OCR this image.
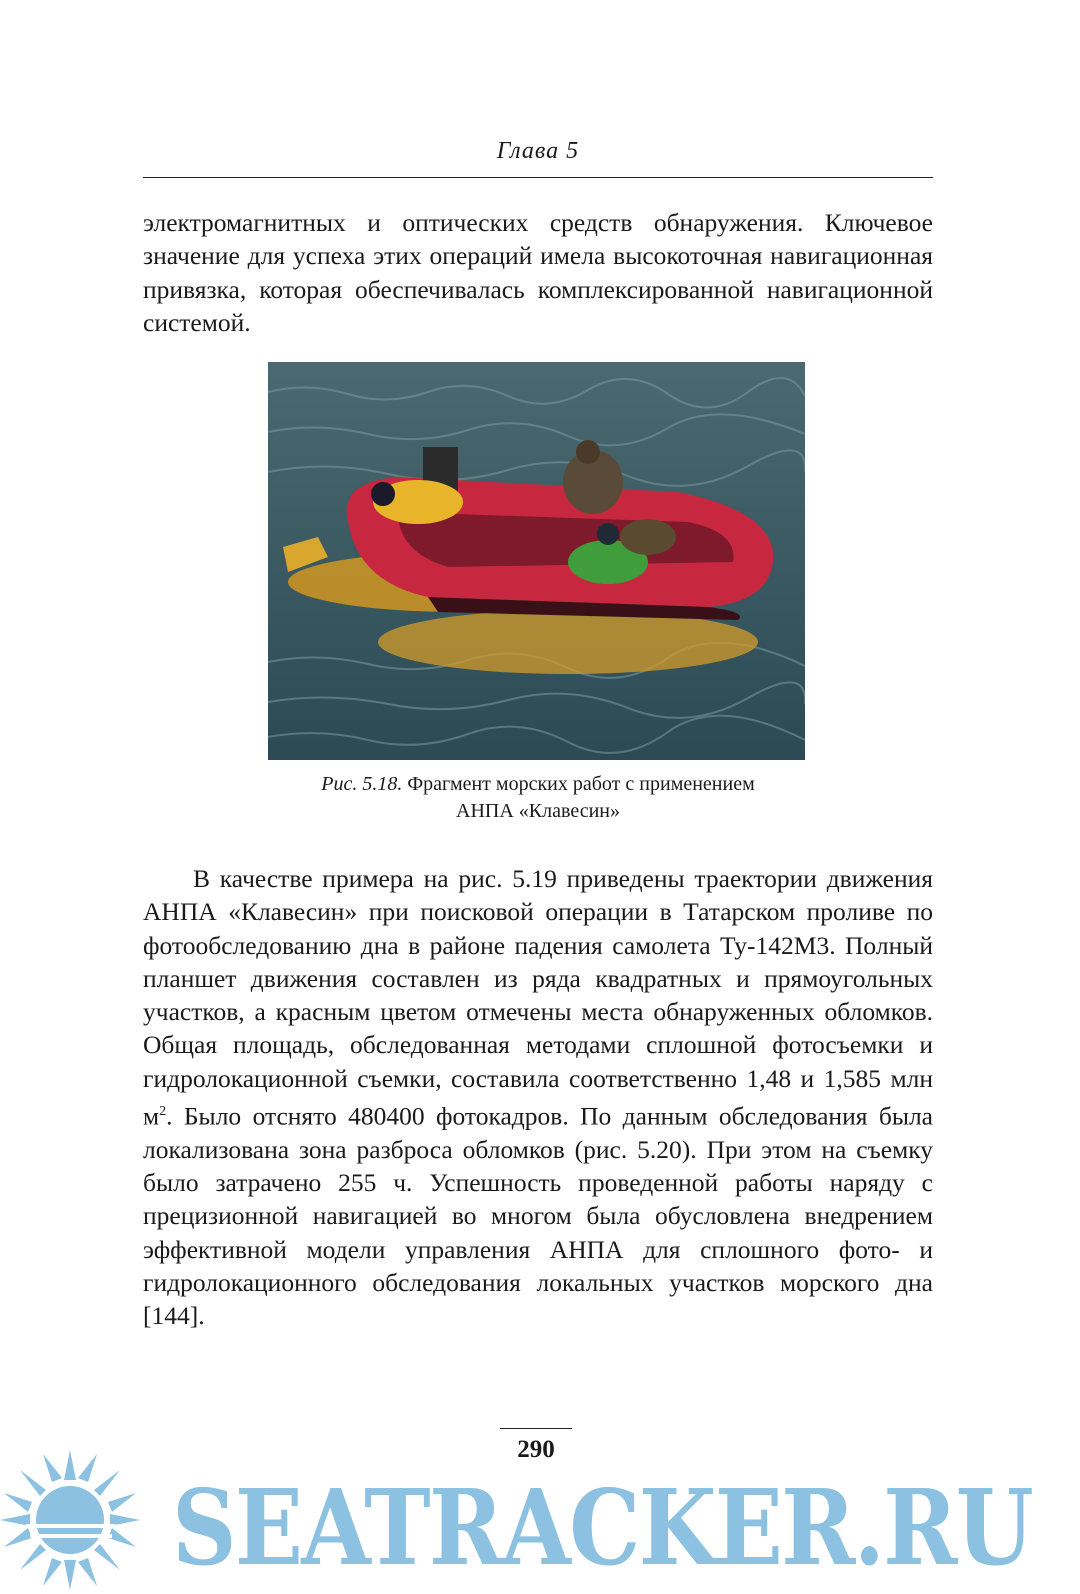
Глава 5

электромагнитных и оптических средств обнаружения. Ключевое значение для успеха этих операций имела высокоточная навигационная привязка, которая обеспечивалась комплексированной навигационной системой.

Рис. 5.18. Фрагмент морских работ с применением
АНПА «Клавесин»

В качестве примера на рис. 5.19 приведены траектории движения АНПА «Клавесин» при поисковой операции в Татарском проливе по фотообследованию дна в районе падения самолета Ту-142М3. Полный планшет движения составлен из ряда квадратных и прямоугольных участков, а красным цветом отмечены места обнаруженных обломков. Общая площадь, обследованная методами сплошной фотосъемки и гидролокационной съемки, составила соответственно 1,48 и 1,585 млн $м^2$. Было отснято 480400 фотокадров. По данным обследования была локализована зона разброса обломков (рис. 5.20). При этом на съемку было затрачено 255 ч. Успешность проведенной работы наряду с прецизионной навигацией во многом была обусловлена внедрением эффективной модели управления АНПА для сплошного фото- и гидролокационного обследования локальных участков морского дна [144].

290
SEATRACKER.RU
